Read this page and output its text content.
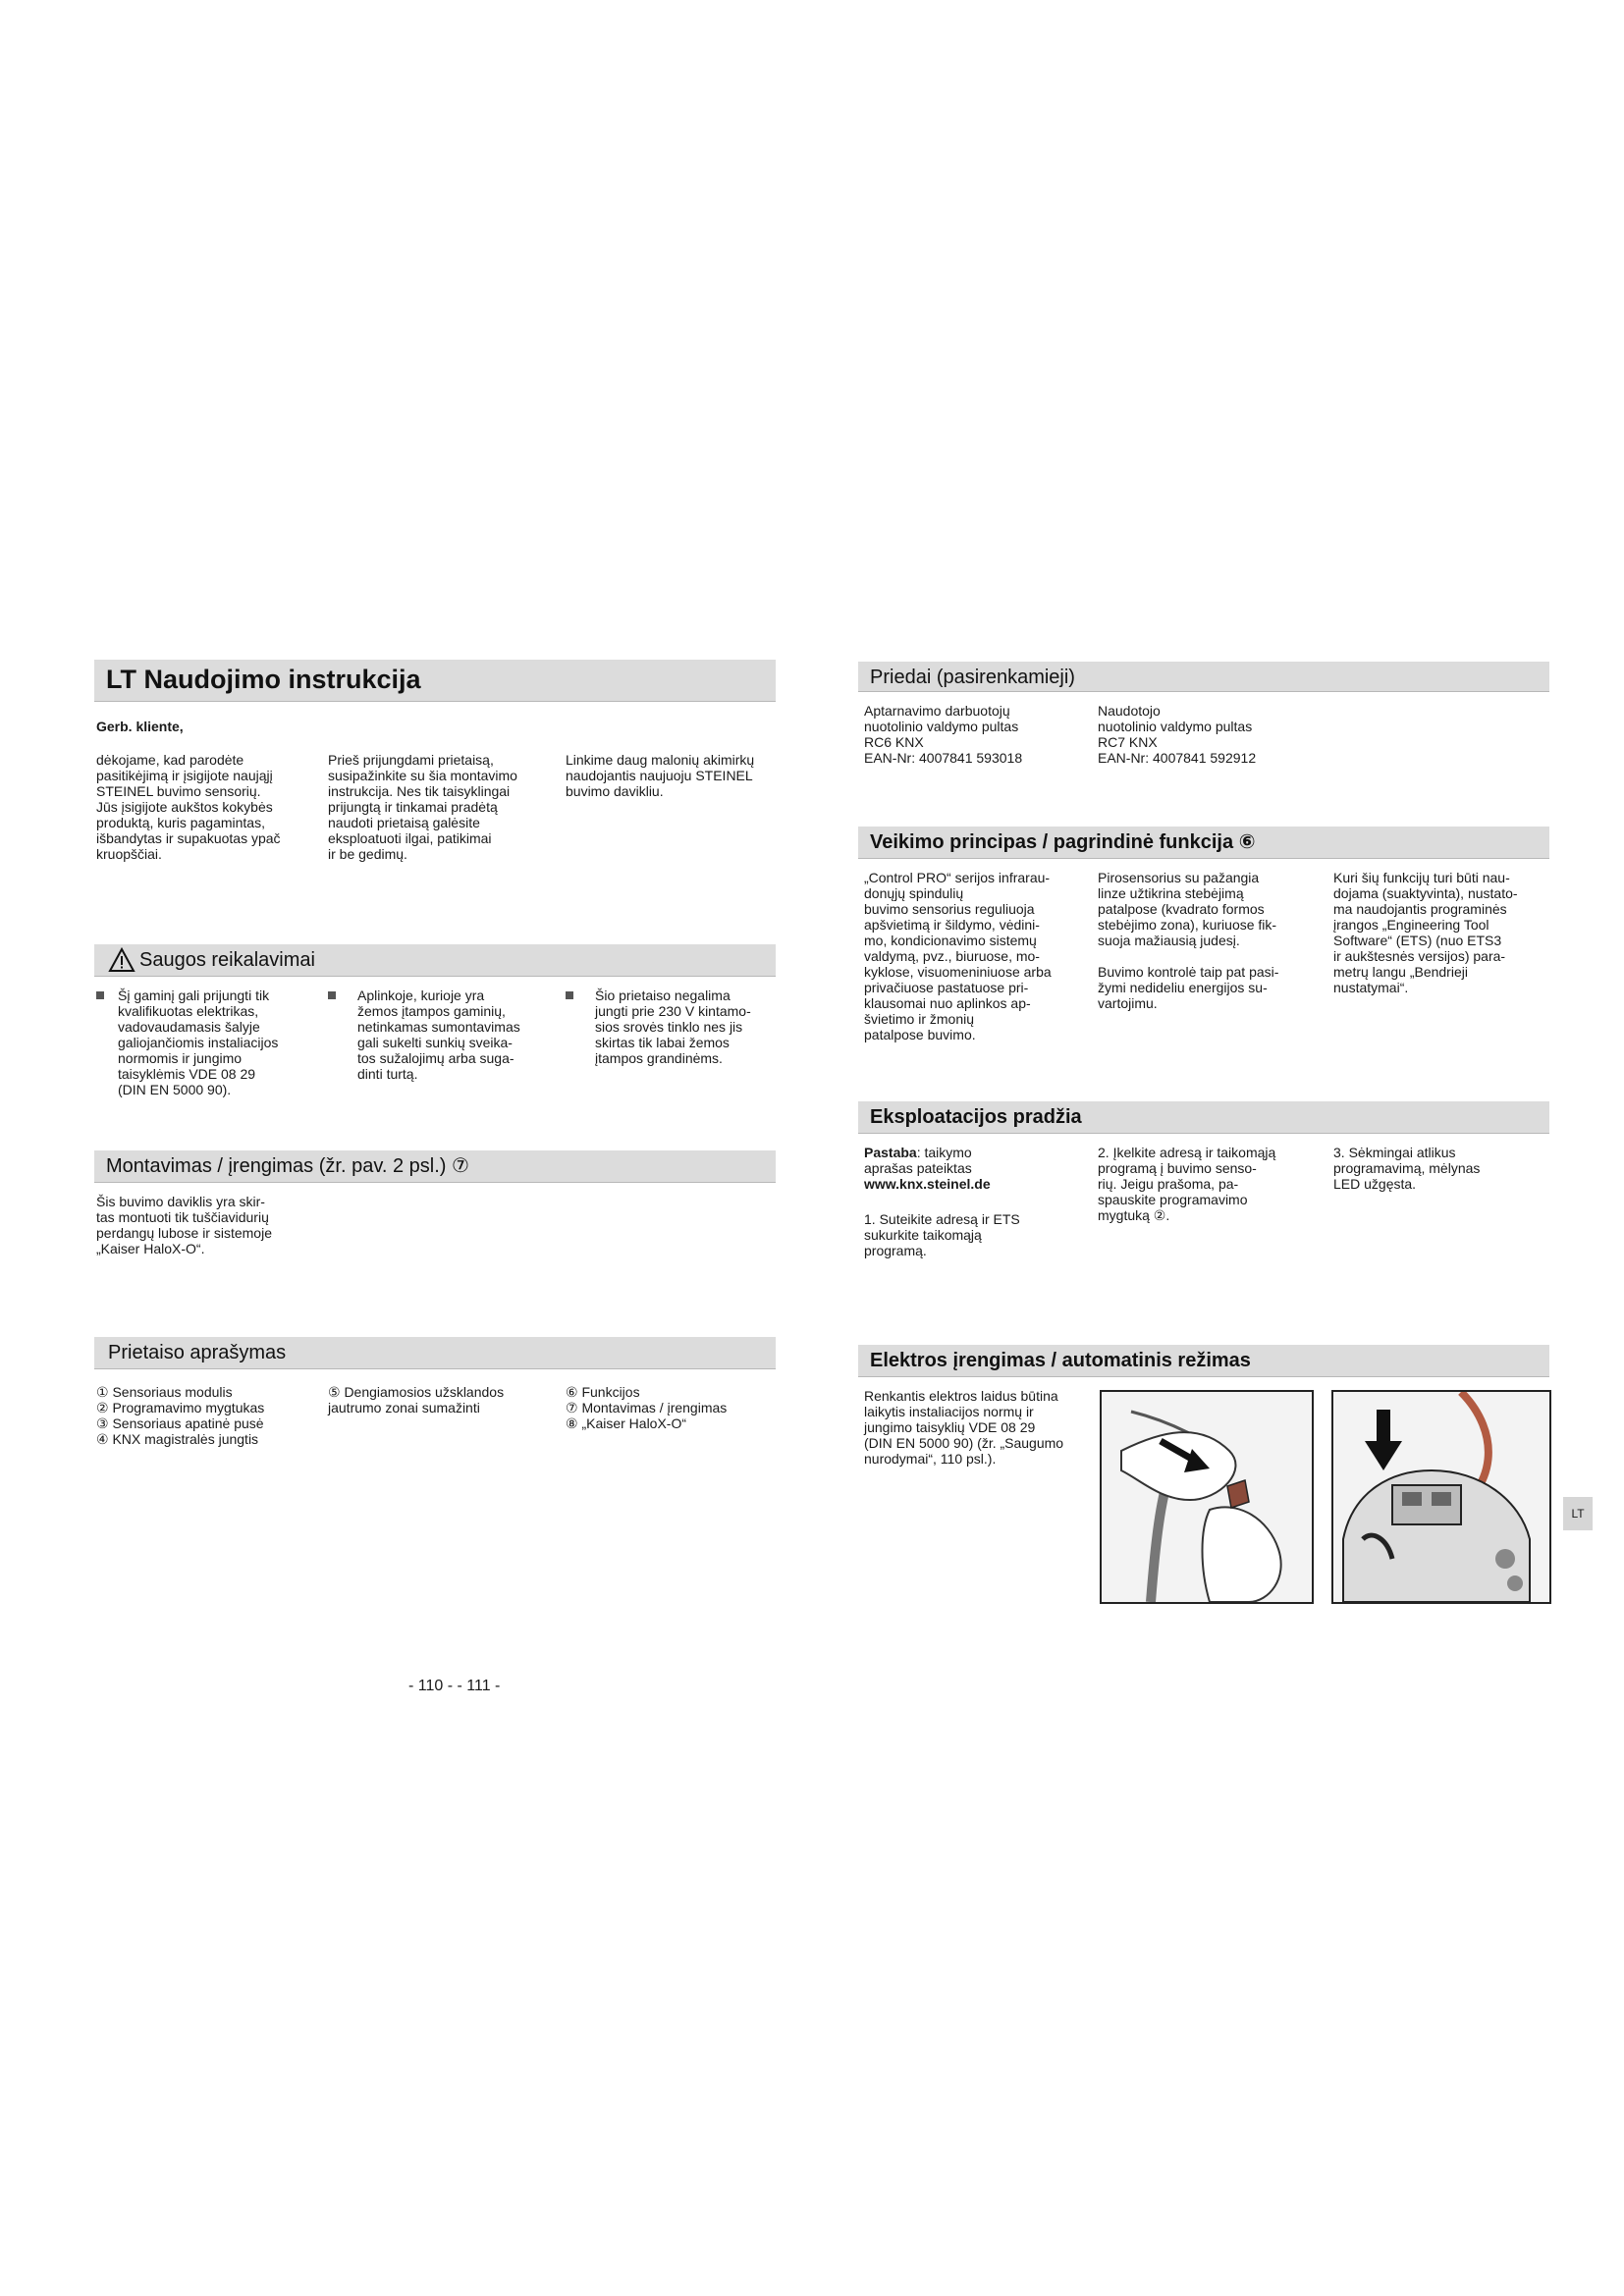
LT Naudojimo instrukcija
Gerb. kliente,
dėkojame, kad parodėte
pasitikėjimą ir įsigijote naująjį
STEINEL buvimo sensorių.
Jūs įsigijote aukštos kokybės
produktą, kuris pagamintas,
išbandytas ir supakuotas ypač
kruopščiai.
Prieš prijungdami prietaisą,
susipažinkite su šia montavimo
instrukcija. Nes tik taisyklingai
prijungtą ir tinkamai pradėtą
naudoti prietaisą galėsite
eksploatuoti ilgai, patikimai
ir be gedimų.
Linkime daug malonių akimirkų
naudojantis naujuoju STEINEL
buvimo davikliu.
Saugos reikalavimai
Šį gaminį gali prijungti tik
kvalifikuotas elektrikas,
vadovaudamasis šalyje
galiojančiomis instaliacijos
normomis ir jungimo
taisyklėmis VDE 08 29
(DIN EN 5000 90).
Aplinkoje, kurioje yra
žemos įtampos gaminių,
netinkamas sumontavimas
gali sukelti sunkių sveika-
tos sužalojimų arba suga-
dinti turtą.
Šio prietaiso negalima
jungti prie 230 V kintamo-
sios srovės tinklo nes jis
skirtas tik labai žemos
įtampos grandinėms.
Montavimas / įrengimas (žr. pav. 2 psl.) ⑦
Šis buvimo daviklis yra skir-
tas montuoti tik tuščiavidurių
perdangų lubose ir sistemoje
„Kaiser HaloX-O“.
Prietaiso aprašymas
① Sensoriaus modulis
② Programavimo mygtukas
③ Sensoriaus apatinė pusė
④ KNX magistralės jungtis
⑤ Dengiamosios užsklandos
jautrumo zonai sumažinti
⑥ Funkcijos
⑦ Montavimas / įrengimas
⑧ „Kaiser HaloX-O“
- 110 - - 111 -
Priedai (pasirenkamieji)
Aptarnavimo darbuotojų
nuotolinio valdymo pultas
RC6 KNX
EAN-Nr: 4007841 593018
Naudotojo
nuotolinio valdymo pultas
RC7 KNX
EAN-Nr: 4007841 592912
Veikimo principas / pagrindinė funkcija ⑥
„Control PRO“ serijos infrarau-
donųjų spindulių
buvimo sensorius reguliuoja
apšvietimą ir šildymo, vėdini-
mo, kondicionavimo sistemų
valdymą, pvz., biuruose, mo-
kyklose, visuomeniniuose arba
privačiuose pastatuose pri-
klausomai nuo aplinkos ap-
švietimo ir žmonių
patalpose buvimo.
Pirosensorius su pažangia
linze užtikrina stebėjimą
patalpose (kvadrato formos
stebėjimo zona), kuriuose fik-
suoja mažiausią judesį.

Buvimo kontrolė taip pat pasi-
žymi nedideliu energijos su-
vartojimu.
Kuri šių funkcijų turi būti nau-
dojama (suaktyvinta), nustato-
ma naudojantis programinės
įrangos „Engineering Tool
Software“ (ETS) (nuo ETS3
ir aukštesnės versijos) para-
metrų langu „Bendrieji
nustatymai“.
Eksploatacijos pradžia
Pastaba: taikymo
aprašas pateiktas
www.knx.steinel.de
1. Suteikite adresą ir ETS
sukurkite taikomąją
programą.
2. Įkelkite adresą ir taikomąją
programą į buvimo senso-
rių. Jeigu prašoma, pa-
spauskite programavimo
mygtuką ②.
3. Sėkmingai atlikus
programavimą, mėlynas
LED užgęsta.
Elektros įrengimas / automatinis režimas
Renkantis elektros laidus būtina
laikytis instaliacijos normų ir
jungimo taisyklių VDE 08 29
(DIN EN 5000 90) (žr. „Saugumo
nurodymai“, 110 psl.).
LT
